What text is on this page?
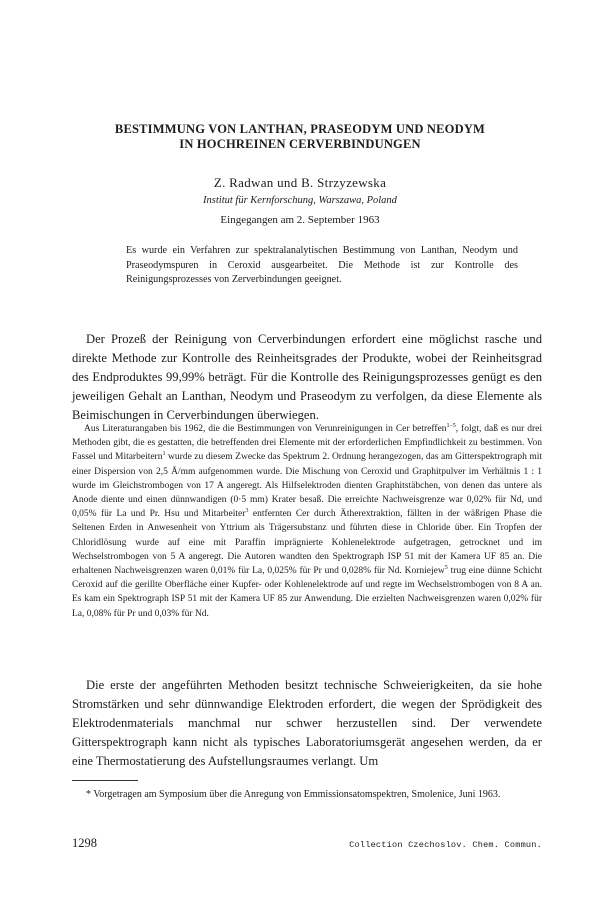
BESTIMMUNG VON LANTHAN, PRASEODYM UND NEODYM
IN HOCHREINEN CERVERBINDUNGEN
Z. Radwan und B. Strzyzewska
Institut für Kernforschung, Warszawa, Poland
Eingegangen am 2. September 1963
Es wurde ein Verfahren zur spektralanalytischen Bestimmung von Lanthan, Neodym und Praseodymspuren in Ceroxid ausgearbeitet. Die Methode ist zur Kontrolle des Reinigungsprozesses von Zerverbindungen geeignet.
Der Prozeß der Reinigung von Cerverbindungen erfordert eine möglichst rasche und direkte Methode zur Kontrolle des Reinheitsgrades der Produkte, wobei der Reinheitsgrad des Endproduktes 99,99% beträgt. Für die Kontrolle des Reinigungsprozesses genügt es den jeweiligen Gehalt an Lanthan, Neodym und Praseodym zu verfolgen, da diese Elemente als Beimischungen in Cerverbindungen überwiegen.
Aus Literaturangaben bis 1962, die die Bestimmungen von Verunreinigungen in Cer betreffen$^{1-5}$, folgt, daß es nur drei Methoden gibt, die es gestatten, die betreffenden drei Elemente mit der erforderlichen Empfindlichkeit zu bestimmen. Von Fassel und Mitarbeitern$^1$ wurde zu diesem Zwecke das Spektrum 2. Ordnung herangezogen, das am Gitterspektrograph mit einer Dispersion von 2,5 Å/mm aufgenommen wurde. Die Mischung von Ceroxid und Graphitpulver im Verhältnis 1 : 1 wurde im Gleichstrombogen von 17 A angeregt. Als Hilfselektroden dienten Graphitstäbchen, von denen das untere als Anode diente und einen dünnwandigen (0·5 mm) Krater besaß. Die erreichte Nachweisgrenze war 0,02% für Nd, und 0,05% für La und Pr. Hsu und Mitarbeiter$^3$ entfernten Cer durch Ätherextraktion, fällten in der wäßrigen Phase die Seltenen Erden in Anwesenheit von Yttrium als Trägersubstanz und führten diese in Chloride über. Ein Tropfen der Chloridlösung wurde auf eine mit Paraffin imprägnierte Kohlenelektrode aufgetragen, getrocknet und im Wechselstrombogen von 5 A angeregt. Die Autoren wandten den Spektrograph ISP 51 mit der Kamera UF 85 an. Die erhaltenen Nachweisgrenzen waren 0,01% für La, 0,025% für Pr und 0,028% für Nd. Korniejew$^5$ trug eine dünne Schicht Ceroxid auf die gerillte Oberfläche einer Kupfer- oder Kohlenelektrode auf und regte im Wechselstrombogen von 8 A an. Es kam ein Spektrograph ISP 51 mit der Kamera UF 85 zur Anwendung. Die erzielten Nachweisgrenzen waren 0,02% für La, 0,08% für Pr und 0,03% für Nd.
Die erste der angeführten Methoden besitzt technische Schweierigkeiten, da sie hohe Stromstärken und sehr dünnwandige Elektroden erfordert, die wegen der Sprödigkeit des Elektrodenmaterials manchmal nur schwer herzustellen sind. Der verwendete Gitterspektrograph kann nicht als typisches Laboratoriumsgerät angesehen werden, da er eine Thermostatierung des Aufstellungsraumes verlangt. Um
* Vorgetragen am Symposium über die Anregung von Emmissionsatomspektren, Smolenice, Juni 1963.
1298	Collection Czechoslov. Chem. Commun.
